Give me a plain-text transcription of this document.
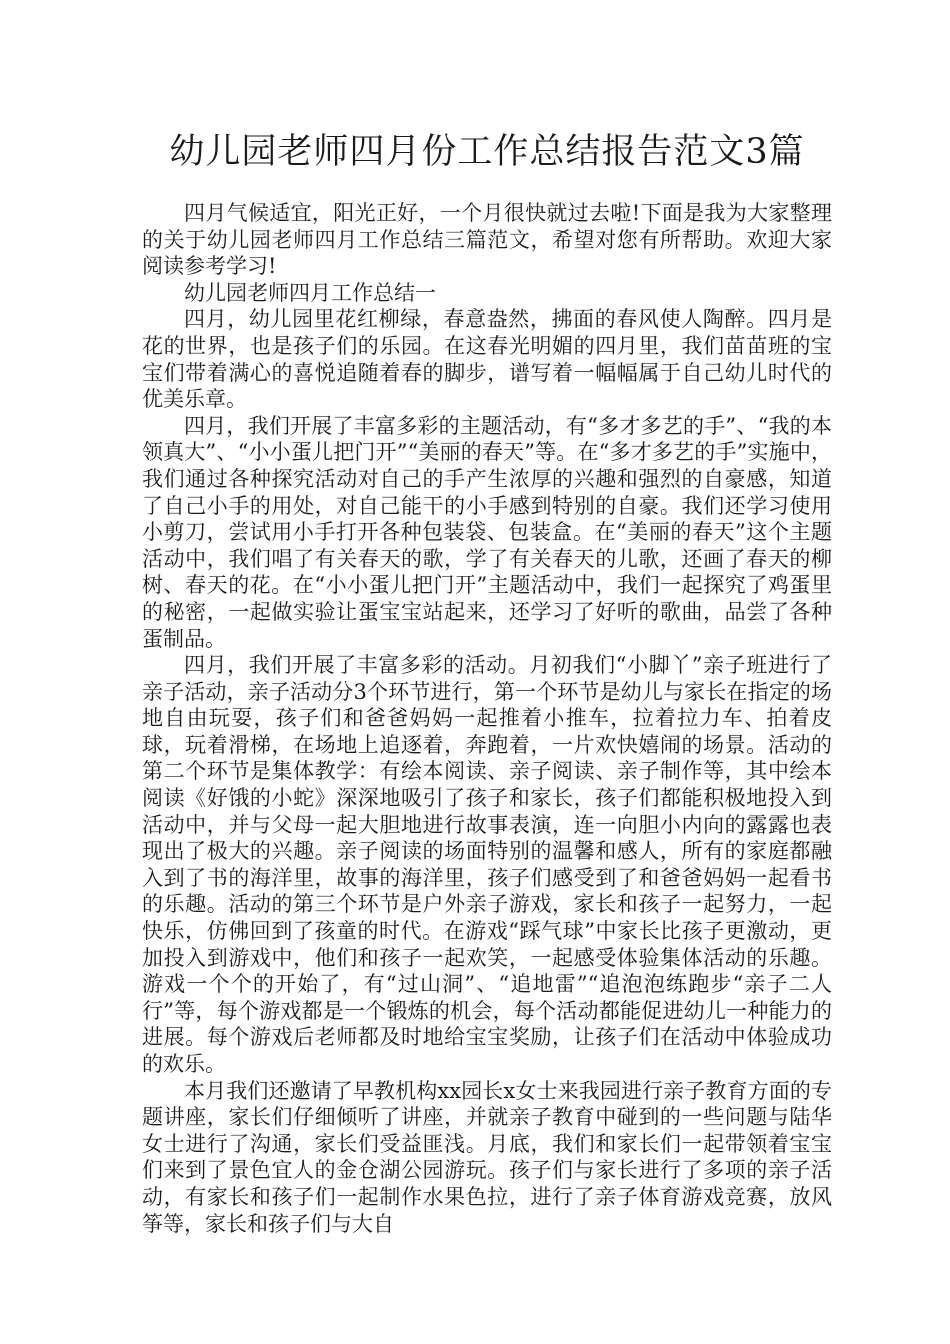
幼儿园老师四月份工作总结报告范文3篇

四月气候适宜，阳光正好，一个月很快就过去啦!下面是我为大家整理的关于幼儿园老师四月工作总结三篇范文，希望对您有所帮助。欢迎大家阅读参考学习!

幼儿园老师四月工作总结一

四月，幼儿园里花红柳绿，春意盎然，拂面的春风使人陶醉。四月是花的世界，也是孩子们的乐园。在这春光明媚的四月里，我们苗苗班的宝宝们带着满心的喜悦追随着春的脚步，谱写着一幅幅属于自己幼儿时代的优美乐章。

四月，我们开展了丰富多彩的主题活动，有“多才多艺的手”、“我的本领真大”、“小小蛋儿把门开”“美丽的春天”等。在“多才多艺的手”实施中，我们通过各种探究活动对自己的手产生浓厚的兴趣和强烈的自豪感，知道了自己小手的用处，对自己能干的小手感到特别的自豪。我们还学习使用小剪刀，尝试用小手打开各种包装袋、包装盒。在“美丽的春天”这个主题活动中，我们唱了有关春天的歌，学了有关春天的儿歌，还画了春天的柳树、春天的花。在“小小蛋儿把门开”主题活动中，我们一起探究了鸡蛋里的秘密，一起做实验让蛋宝宝站起来，还学习了好听的歌曲，品尝了各种蛋制品。

四月，我们开展了丰富多彩的活动。月初我们“小脚丫”亲子班进行了亲子活动，亲子活动分3个环节进行，第一个环节是幼儿与家长在指定的场地自由玩耍，孩子们和爸爸妈妈一起推着小推车，拉着拉力车、拍着皮球，玩着滑梯，在场地上追逐着，奔跑着，一片欢快嬉闹的场景。活动的第二个环节是集体教学：有绘本阅读、亲子阅读、亲子制作等，其中绘本阅读《好饿的小蛇》深深地吸引了孩子和家长，孩子们都能积极地投入到活动中，并与父母一起大胆地进行故事表演，连一向胆小内向的露露也表现出了极大的兴趣。亲子阅读的场面特别的温馨和感人，所有的家庭都融入到了书的海洋里，故事的海洋里，孩子们感受到了和爸爸妈妈一起看书的乐趣。活动的第三个环节是户外亲子游戏，家长和孩子一起努力，一起快乐，仿佛回到了孩童的时代。在游戏“踩气球”中家长比孩子更激动，更加投入到游戏中，他们和孩子一起欢笑，一起感受体验集体活动的乐趣。游戏一个个的开始了，有“过山洞”、“追地雷”“追泡泡练跑步“亲子二人行”等，每个游戏都是一个锻炼的机会，每个活动都能促进幼儿一种能力的进展。每个游戏后老师都及时地给宝宝奖励，让孩子们在活动中体验成功的欢乐。

本月我们还邀请了早教机构xx园长x女士来我园进行亲子教育方面的专题讲座，家长们仔细倾听了讲座，并就亲子教育中碰到的一些问题与陆华女士进行了沟通，家长们受益匪浅。月底，我们和家长们一起带领着宝宝们来到了景色宜人的金仓湖公园游玩。孩子们与家长进行了多项的亲子活动，有家长和孩子们一起制作水果色拉，进行了亲子体育游戏竞赛，放风筝等，家长和孩子们与大自
